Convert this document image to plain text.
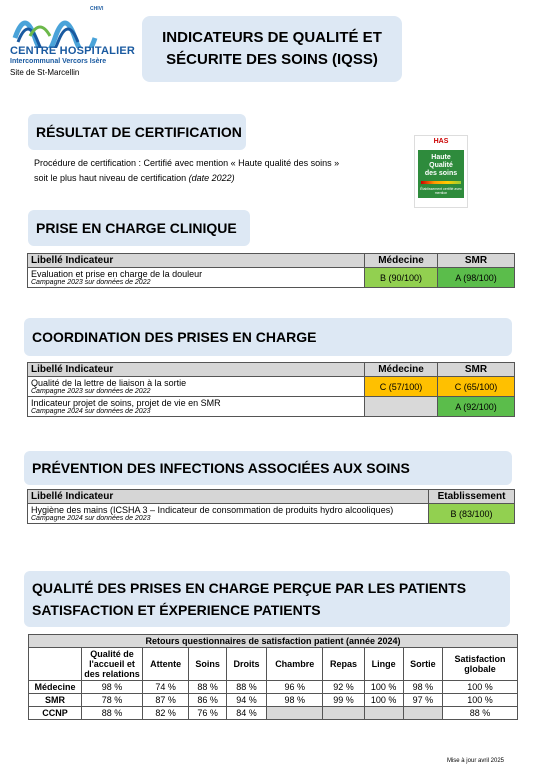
CHIVI
CENTRE HOSPITALIER
Intercommunal Vercors Isère
Site de St-Marcellin
INDICATEURS DE QUALITÉ ET
SÉCURITE DES SOINS (IQSS)
RÉSULTAT DE CERTIFICATION
Procédure de certification : Certifié avec mention « Haute qualité des soins »
soit le plus haut niveau de certification (date 2022)
HAS
Haute
Qualité
des soins
Établissement certifié avec mention
PRISE EN CHARGE CLINIQUE
Libellé Indicateur	Médecine	SMR
Evaluation et prise en charge de la douleur
Campagne 2023 sur données de 2022	B (90/100)	A (98/100)
COORDINATION DES PRISES EN CHARGE
Libellé Indicateur	Médecine	SMR
Qualité de la lettre de liaison à la sortie
Campagne 2023 sur données de 2022	C (57/100)	C (65/100)
Indicateur projet de soins, projet de vie en SMR
Campagne 2024 sur données de 2023		A (92/100)
PRÉVENTION DES INFECTIONS ASSOCIÉES AUX SOINS
Libellé Indicateur	Etablissement
Hygiène des mains (ICSHA 3 – Indicateur de consommation de produits hydro alcooliques)
Campagne 2024 sur données de 2023	B (83/100)
QUALITÉ DES PRISES EN CHARGE PERÇUE PAR LES PATIENTS
SATISFACTION ET ÉXPERIENCE PATIENTS
Retours questionnaires de satisfaction patient (année 2024)									
	Qualité de l'accueil et des relations	Attente	Soins	Droits	Chambre	Repas	Linge	Sortie	Satisfaction globale
Médecine	98 %	74 %	88 %	88 %	96 %	92 %	100 %	98 %	100 %
SMR	78 %	87 %	86 %	94 %	98 %	99 %	100 %	97 %	100 %
CCNP	88 %	82 %	76 %	84 %					88 %
Mise à jour avril 2025
